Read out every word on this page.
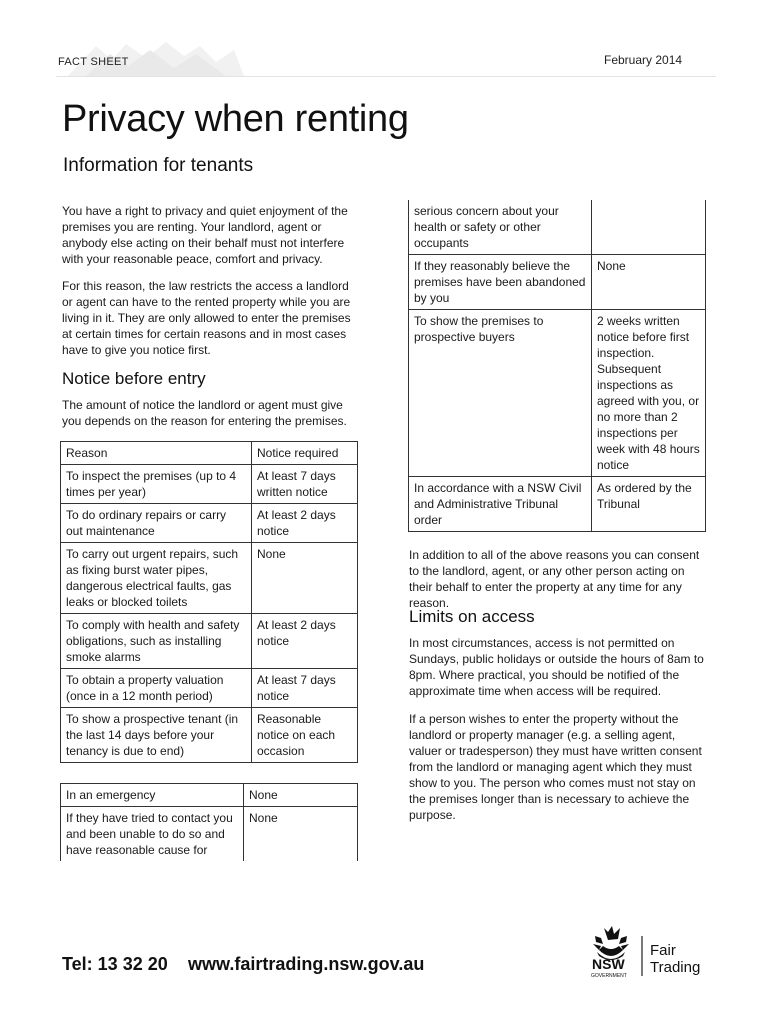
FACT SHEET	February 2014
Privacy when renting
Information for tenants

You have a right to privacy and quiet enjoyment of the premises you are renting. Your landlord, agent or anybody else acting on their behalf must not interfere with your reasonable peace, comfort and privacy.

For this reason, the law restricts the access a landlord or agent can have to the rented property while you are living in it. They are only allowed to enter the premises at certain times for certain reasons and in most cases have to give you notice first.

Notice before entry

The amount of notice the landlord or agent must give you depends on the reason for entering the premises.

Reason	Notice required
To inspect the premises (up to 4 times per year)	At least 7 days written notice
To do ordinary repairs or carry out maintenance	At least 2 days notice
To carry out urgent repairs, such as fixing burst water pipes, dangerous electrical faults, gas leaks or blocked toilets	None
To comply with health and safety obligations, such as installing smoke alarms	At least 2 days notice
To obtain a property valuation (once in a 12 month period)	At least 7 days notice
To show a prospective tenant (in the last 14 days before your tenancy is due to end)	Reasonable notice on each occasion
In an emergency	None
If they have tried to contact you and been unable to do so and have reasonable cause for	None
serious concern about your health or safety or other occupants	
If they reasonably believe the premises have been abandoned by you	None
To show the premises to prospective buyers	2 weeks written notice before first inspection. Subsequent inspections as agreed with you, or no more than 2 inspections per week with 48 hours notice
In accordance with a NSW Civil and Administrative Tribunal order	As ordered by the Tribunal

In addition to all of the above reasons you can consent to the landlord, agent, or any other person acting on their behalf to enter the property at any time for any reason.

Limits on access

In most circumstances, access is not permitted on Sundays, public holidays or outside the hours of 8am to 8pm. Where practical, you should be notified of the approximate time when access will be required.

If a person wishes to enter the property without the landlord or property manager (e.g. a selling agent, valuer or tradesperson) they must have written consent from the landlord or managing agent which they must show to you. The person who comes must not stay on the premises longer than is necessary to achieve the purpose.

Tel: 13 32 20 www.fairtrading.nsw.gov.au	NSW
GOVERNMENT
Fair
Trading
